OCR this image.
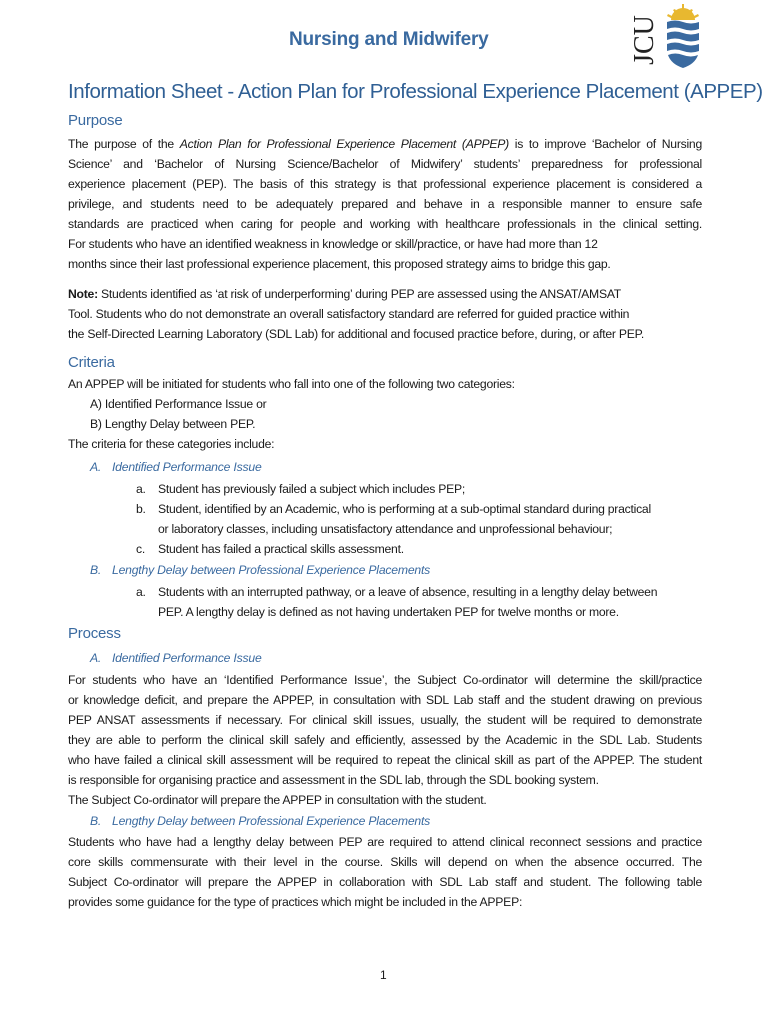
Nursing and Midwifery	JCU
Information Sheet - Action Plan for Professional Experience Placement (APPEP)
Purpose
The purpose of the Action Plan for Professional Experience Placement (APPEP) is to improve ‘Bachelor of Nursing
Science’ and ‘Bachelor of Nursing Science/Bachelor of Midwifery’ students’ preparedness for professional
experience placement (PEP). The basis of this strategy is that professional experience placement is considered a
privilege, and students need to be adequately prepared and behave in a responsible manner to ensure safe
standards are practiced when caring for people and working with healthcare professionals in the clinical setting.
For students who have an identified weakness in knowledge or skill/practice, or have had more than 12
months since their last professional experience placement, this proposed strategy aims to bridge this gap.
Note: Students identified as ‘at risk of underperforming’ during PEP are assessed using the ANSAT/AMSAT
Tool. Students who do not demonstrate an overall satisfactory standard are referred for guided practice within
the Self-Directed Learning Laboratory (SDL Lab) for additional and focused practice before, during, or after PEP.
Criteria
An APPEP will be initiated for students who fall into one of the following two categories:
A) Identified Performance Issue or
B) Lengthy Delay between PEP.
The criteria for these categories include:
A. Identified Performance Issue
a. Student has previously failed a subject which includes PEP;
b. Student, identified by an Academic, who is performing at a sub-optimal standard during practical
or laboratory classes, including unsatisfactory attendance and unprofessional behaviour;
c. Student has failed a practical skills assessment.
B. Lengthy Delay between Professional Experience Placements
a. Students with an interrupted pathway, or a leave of absence, resulting in a lengthy delay between
PEP. A lengthy delay is defined as not having undertaken PEP for twelve months or more.
Process
A. Identified Performance Issue
For students who have an ‘Identified Performance Issue’, the Subject Co-ordinator will determine the skill/practice
or knowledge deficit, and prepare the APPEP, in consultation with SDL Lab staff and the student drawing on previous
PEP ANSAT assessments if necessary. For clinical skill issues, usually, the student will be required to demonstrate
they are able to perform the clinical skill safely and efficiently, assessed by the Academic in the SDL Lab. Students
who have failed a clinical skill assessment will be required to repeat the clinical skill as part of the APPEP. The student
is responsible for organising practice and assessment in the SDL lab, through the SDL booking system.
The Subject Co-ordinator will prepare the APPEP in consultation with the student.
B. Lengthy Delay between Professional Experience Placements
Students who have had a lengthy delay between PEP are required to attend clinical reconnect sessions and practice
core skills commensurate with their level in the course. Skills will depend on when the absence occurred. The
Subject Co-ordinator will prepare the APPEP in collaboration with SDL Lab staff and student. The following table
provides some guidance for the type of practices which might be included in the APPEP:
1
